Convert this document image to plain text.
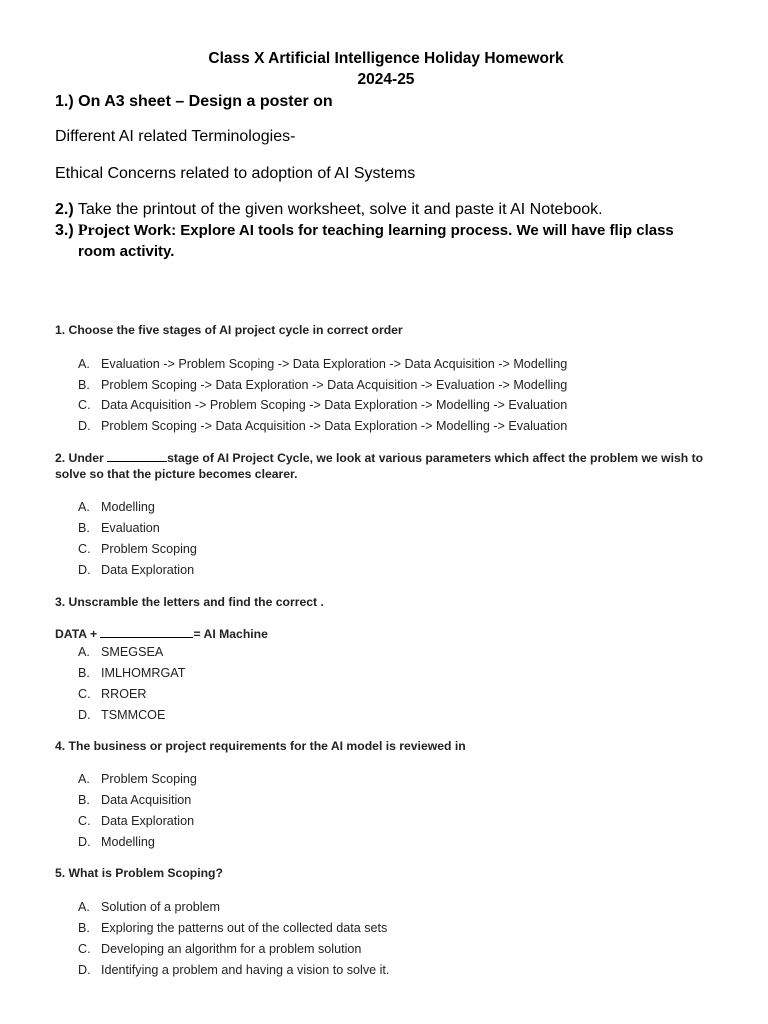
Class X Artificial Intelligence Holiday Homework
2024-25
1.) On A3 sheet – Design a poster on
Different AI related Terminologies-
Ethical Concerns related to adoption of AI Systems
2.) Take the printout of the given worksheet, solve it and paste it AI Notebook.
3.) Project Work: Explore AI tools for teaching learning process. We will have flip class
room activity.
1. Choose the five stages of AI project cycle in correct order
A. Evaluation -> Problem Scoping -> Data Exploration -> Data Acquisition -> Modelling
B. Problem Scoping -> Data Exploration -> Data Acquisition -> Evaluation -> Modelling
C. Data Acquisition -> Problem Scoping -> Data Exploration -> Modelling -> Evaluation
D. Problem Scoping -> Data Acquisition -> Data Exploration -> Modelling -> Evaluation
2. Under	stage of AI Project Cycle, we look at various parameters which affect the problem we wish to
solve so that the picture becomes clearer.
A. Modelling
B. Evaluation
C. Problem Scoping
D. Data Exploration
3. Unscramble the letters and find the correct .
DATA +	= AI Machine
A. SMEGSEA
B. IMLHOMRGAT
C. RROER
D. TSMMCOE
4. The business or project requirements for the AI model is reviewed in
A. Problem Scoping
B. Data Acquisition
C. Data Exploration
D. Modelling
5. What is Problem Scoping?
A. Solution of a problem
B. Exploring the patterns out of the collected data sets
C. Developing an algorithm for a problem solution
D. Identifying a problem and having a vision to solve it.
